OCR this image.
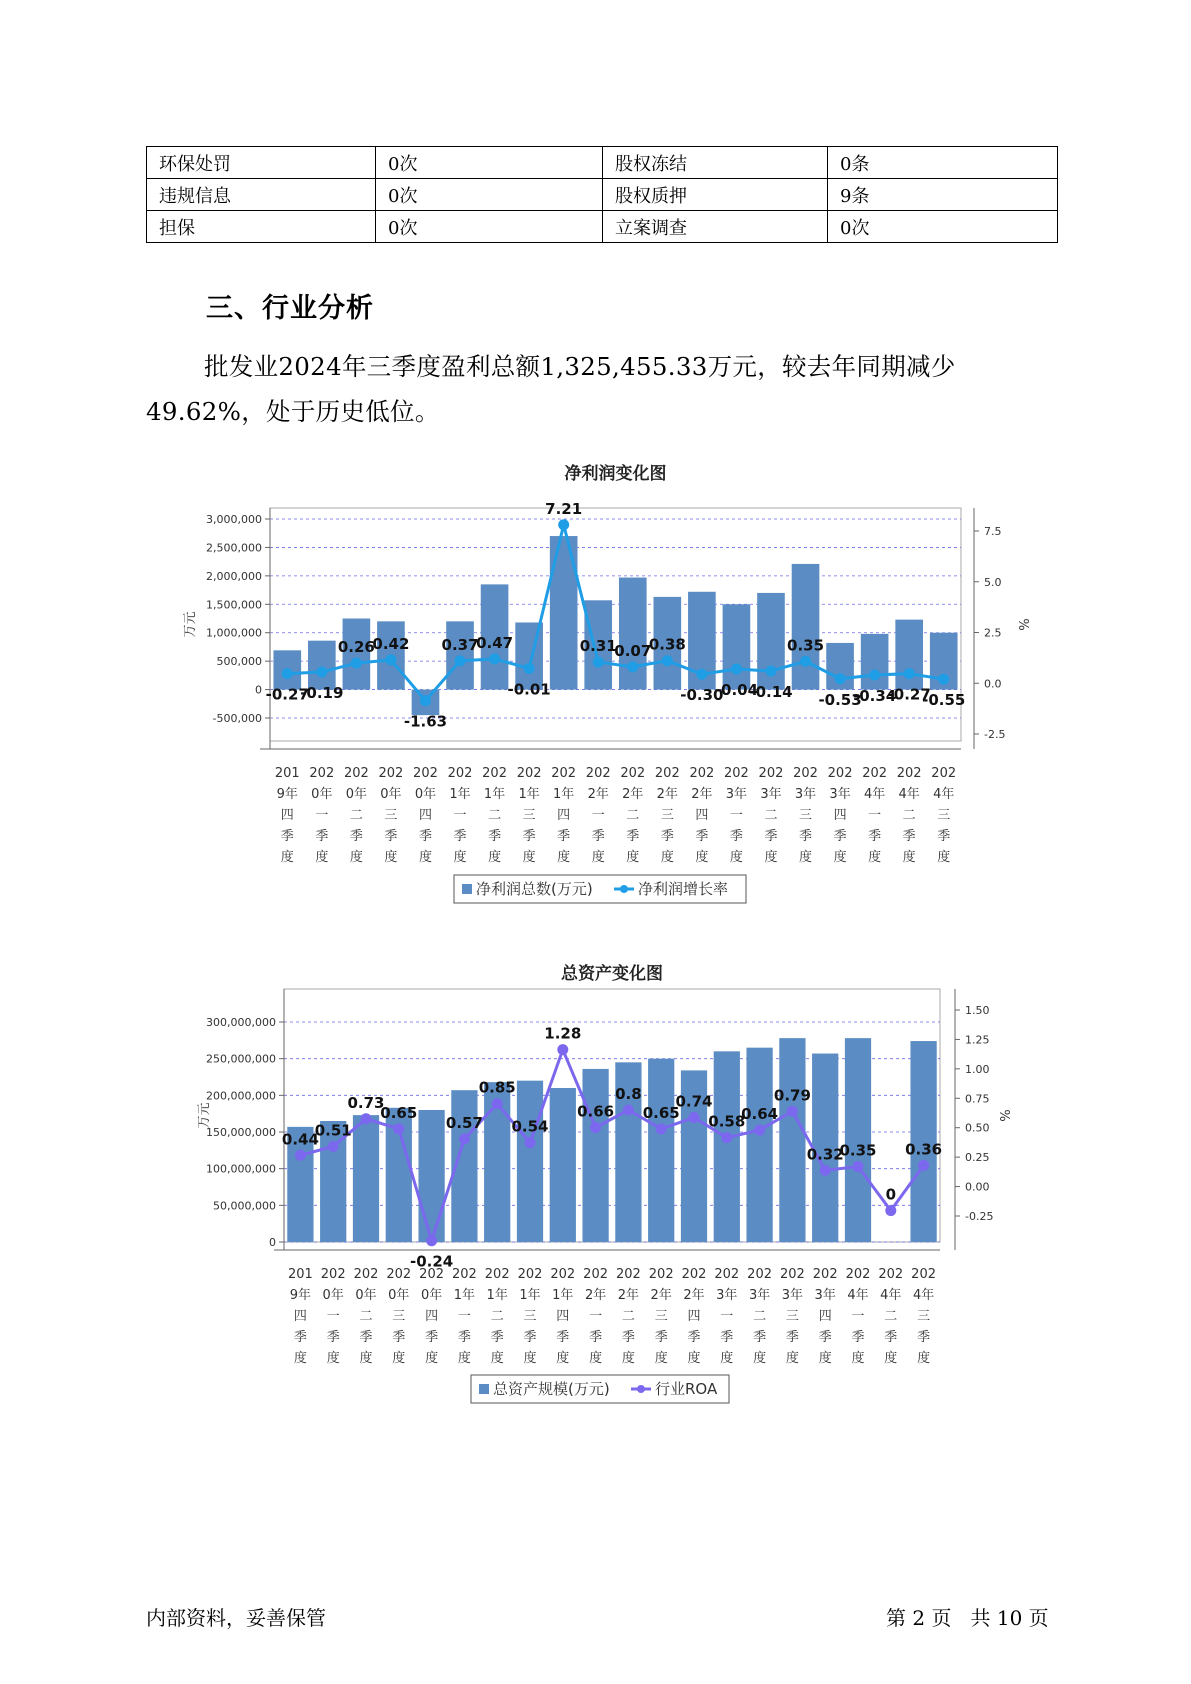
环保处罚	0次	股权冻结	0条
违规信息	0次	股权质押	9条
担保	0次	立案调查	0次
三、行业分析
批发业2024年三季度盈利总额1,325,455.33万元，较去年同期减少49.62%，处于历史低位。
净利润变化图
3,000,000
2,500,000
2,000,000
1,500,000
1,000,000
500,000
0
-500,000
7.5
5.0
2.5
0.0
-2.5
万元	%
-0.27
-0.19
0.26
0.42
-1.63
0.37
0.47
-0.01
7.21
0.31
0.07
0.38
-0.30
-0.04
-0.14
0.35
-0.53
-0.34
-0.27
-0.55
201
9年
四
季
度
202
0年
一
季
度
202
0年
二
季
度
202
0年
三
季
度
202
0年
四
季
度
202
1年
一
季
度
202
1年
二
季
度
202
1年
三
季
度
202
1年
四
季
度
202
2年
一
季
度
202
2年
二
季
度
202
2年
三
季
度
202
2年
四
季
度
202
3年
一
季
度
202
3年
二
季
度
202
3年
三
季
度
202
3年
四
季
度
202
4年
一
季
度
202
4年
二
季
度
202
4年
三
季
度
净利润总数(万元)	净利润增长率
总资产变化图
300,000,000
250,000,000
200,000,000
150,000,000
100,000,000
50,000,000
0
1.50
1.25
1.00
0.75
0.50
0.25
0.00
-0.25
万元	%
0.44
0.51
0.73
0.65
-0.24
0.57
0.85
0.54
1.28
0.66
0.8
0.65
0.74
0.58
0.64
0.79
0.32
0.35
0
0.36
201
9年
四
季
度
202
0年
一
季
度
202
0年
二
季
度
202
0年
三
季
度
202
0年
四
季
度
202
1年
一
季
度
202
1年
二
季
度
202
1年
三
季
度
202
1年
四
季
度
202
2年
一
季
度
202
2年
二
季
度
202
2年
三
季
度
202
2年
四
季
度
202
3年
一
季
度
202
3年
二
季
度
202
3年
三
季
度
202
3年
四
季
度
202
4年
一
季
度
202
4年
二
季
度
202
4年
三
季
度
总资产规模(万元)	行业ROA
内部资料，妥善保管	第 2 页   共 10 页
